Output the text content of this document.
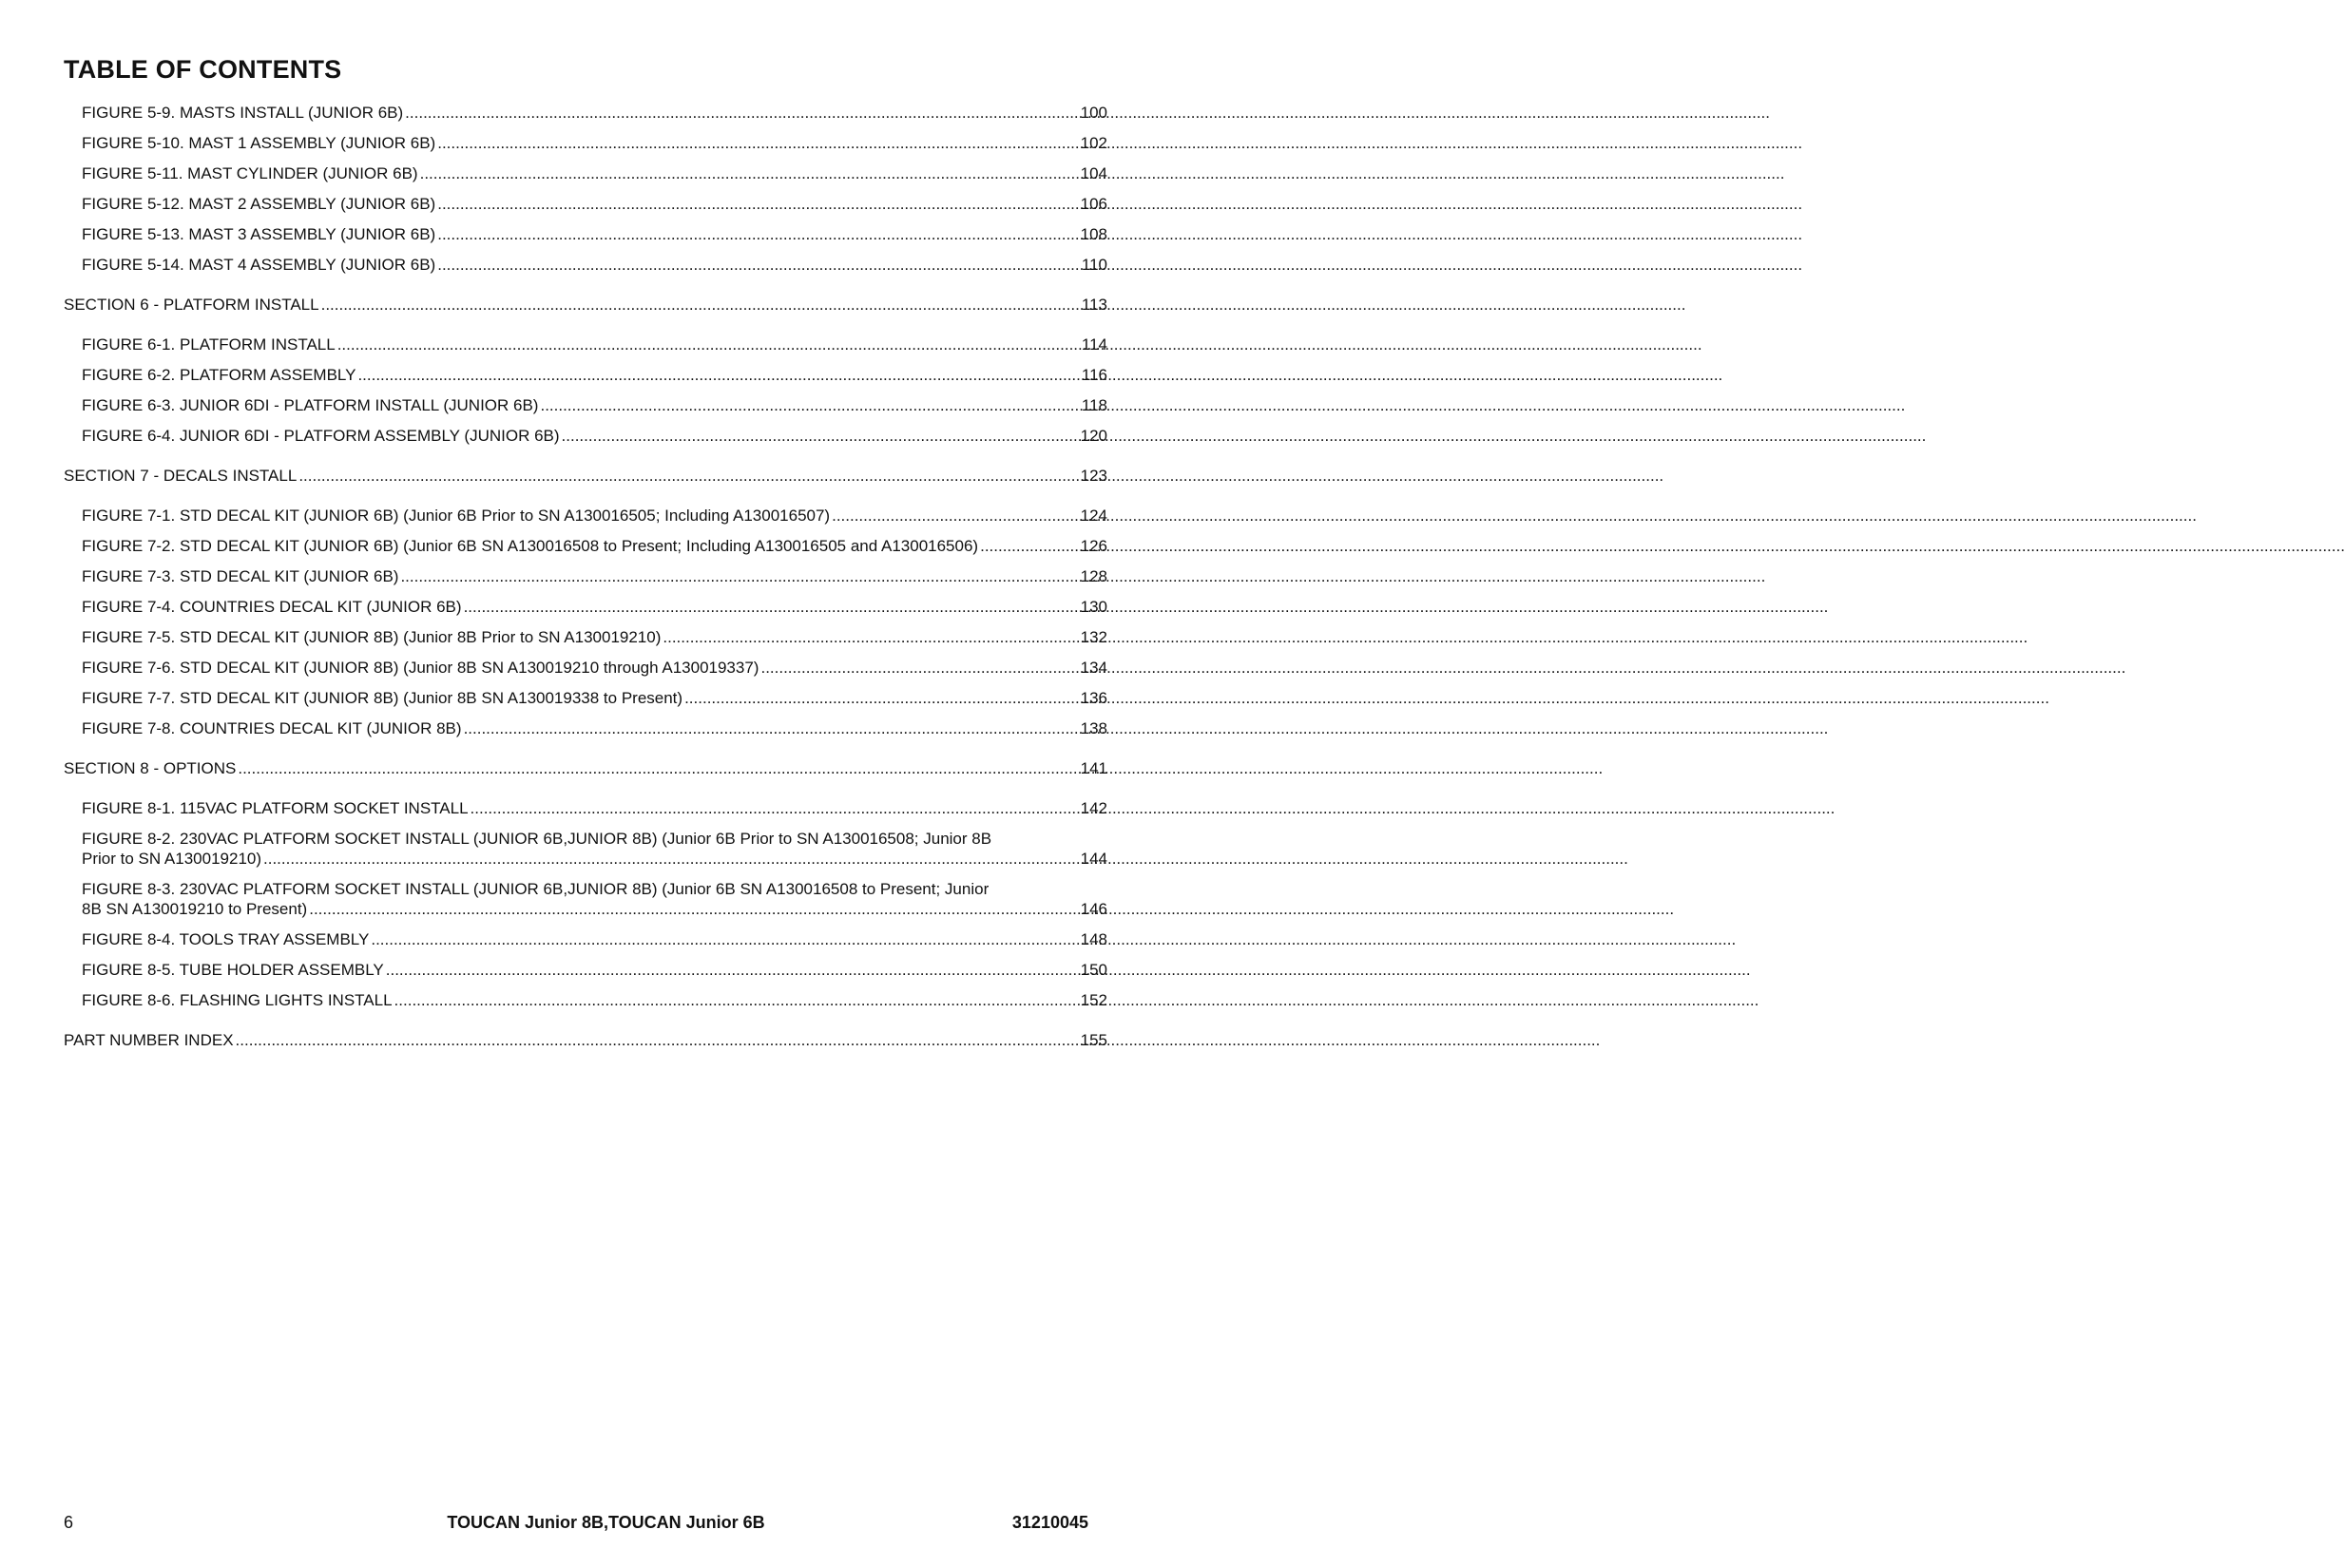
TABLE OF CONTENTS
FIGURE 5-9. MASTS INSTALL (JUNIOR 6B) .....	100
FIGURE 5-10. MAST 1 ASSEMBLY (JUNIOR 6B) .....	102
FIGURE 5-11. MAST CYLINDER (JUNIOR 6B) .....	104
FIGURE 5-12. MAST 2 ASSEMBLY (JUNIOR 6B) .....	106
FIGURE 5-13. MAST 3 ASSEMBLY (JUNIOR 6B) .....	108
FIGURE 5-14. MAST 4 ASSEMBLY (JUNIOR 6B) .....	110
SECTION 6 - PLATFORM INSTALL .....	113
FIGURE 6-1. PLATFORM INSTALL .....	114
FIGURE 6-2. PLATFORM ASSEMBLY .....	116
FIGURE 6-3. JUNIOR 6DI - PLATFORM INSTALL (JUNIOR 6B) .....	118
FIGURE 6-4. JUNIOR 6DI - PLATFORM ASSEMBLY (JUNIOR 6B) .....	120
SECTION 7 - DECALS INSTALL .....	123
FIGURE 7-1. STD DECAL KIT (JUNIOR 6B) (Junior 6B Prior to SN A130016505; Including A130016507) .....	124
FIGURE 7-2. STD DECAL KIT (JUNIOR 6B) (Junior 6B SN A130016508 to Present; Including A130016505 and A130016506) .....	126
FIGURE 7-3. STD DECAL KIT (JUNIOR 6B) .....	128
FIGURE 7-4. COUNTRIES DECAL KIT (JUNIOR 6B) .....	130
FIGURE 7-5. STD DECAL KIT (JUNIOR 8B) (Junior 8B Prior to SN A130019210) .....	132
FIGURE 7-6. STD DECAL KIT (JUNIOR 8B) (Junior 8B SN A130019210 through A130019337) .....	134
FIGURE 7-7. STD DECAL KIT (JUNIOR 8B) (Junior 8B SN A130019338 to Present) .....	136
FIGURE 7-8. COUNTRIES DECAL KIT (JUNIOR 8B) .....	138
SECTION 8 - OPTIONS .....	141
FIGURE 8-1. 115VAC PLATFORM SOCKET INSTALL .....	142
FIGURE 8-2. 230VAC PLATFORM SOCKET INSTALL (JUNIOR 6B,JUNIOR 8B) (Junior 6B Prior to SN A130016508; Junior 8B
Prior to SN A130019210) .....	144
FIGURE 8-3. 230VAC PLATFORM SOCKET INSTALL (JUNIOR 6B,JUNIOR 8B) (Junior 6B SN A130016508 to Present; Junior
8B SN A130019210 to Present) .....	146
FIGURE 8-4. TOOLS TRAY ASSEMBLY .....	148
FIGURE 8-5. TUBE HOLDER ASSEMBLY .....	150
FIGURE 8-6. FLASHING LIGHTS INSTALL .....	152
PART NUMBER INDEX .....	155
6	TOUCAN Junior 8B,TOUCAN Junior 6B	31210045
